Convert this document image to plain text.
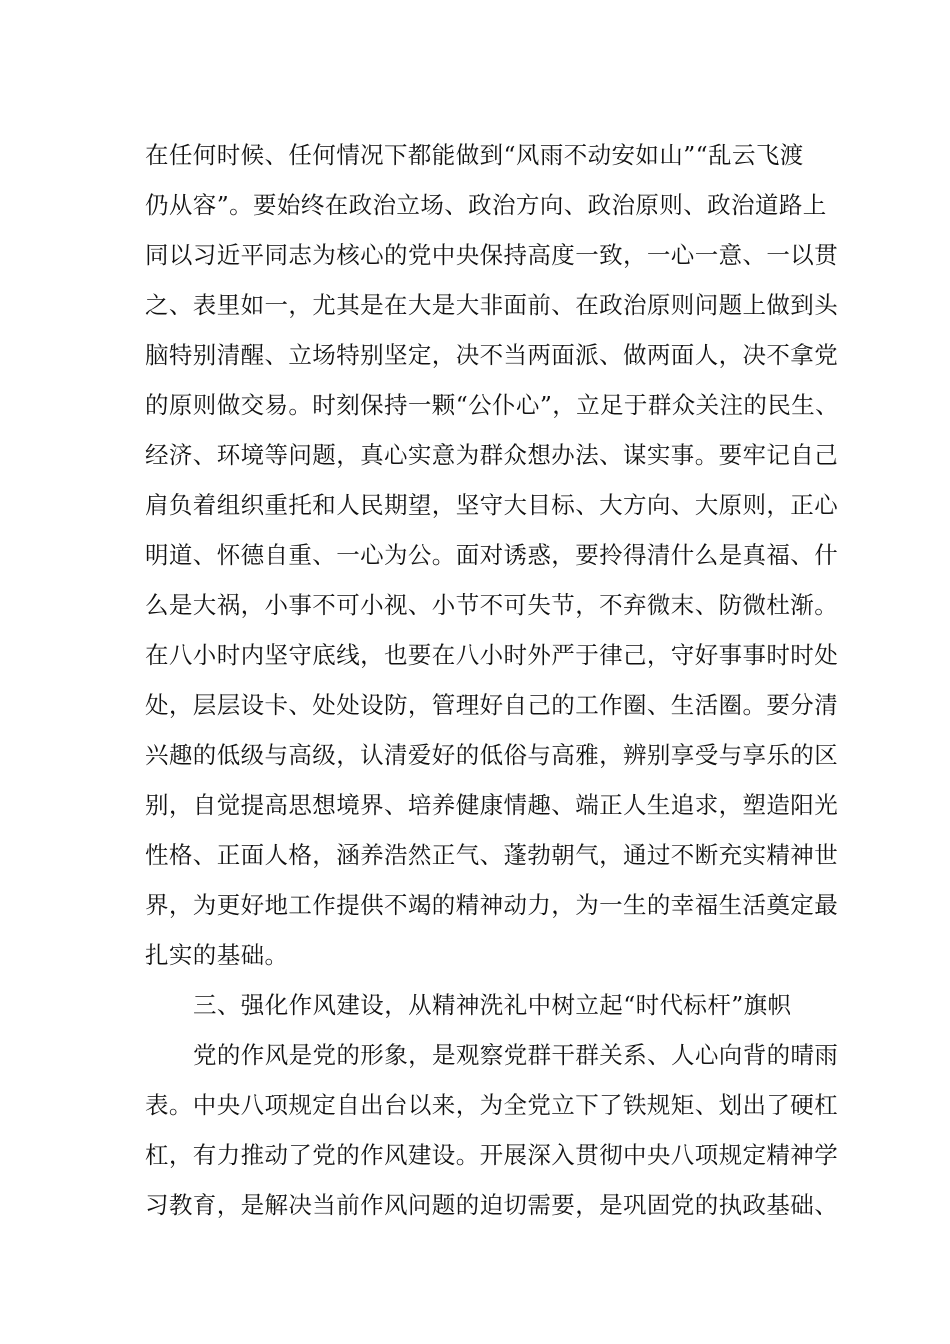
在任何时候、任何情况下都能做到“风雨不动安如山”“乱云飞渡
仍从容”。要始终在政治立场、政治方向、政治原则、政治道路上
同以习近平同志为核心的党中央保持高度一致，一心一意、一以贯
之、表里如一，尤其是在大是大非面前、在政治原则问题上做到头
脑特别清醒、立场特别坚定，决不当两面派、做两面人，决不拿党
的原则做交易。时刻保持一颗“公仆心”，立足于群众关注的民生、
经济、环境等问题，真心实意为群众想办法、谋实事。要牢记自己
肩负着组织重托和人民期望，坚守大目标、大方向、大原则，正心
明道、怀德自重、一心为公。面对诱惑，要拎得清什么是真福、什
么是大祸，小事不可小视、小节不可失节，不弃微末、防微杜渐。
在八小时内坚守底线，也要在八小时外严于律己，守好事事时时处
处，层层设卡、处处设防，管理好自己的工作圈、生活圈。要分清
兴趣的低级与高级，认清爱好的低俗与高雅，辨别享受与享乐的区
别，自觉提高思想境界、培养健康情趣、端正人生追求，塑造阳光
性格、正面人格，涵养浩然正气、蓬勃朝气，通过不断充实精神世
界，为更好地工作提供不竭的精神动力，为一生的幸福生活奠定最
扎实的基础。
三、强化作风建设，从精神洗礼中树立起“时代标杆”旗帜
党的作风是党的形象，是观察党群干群关系、人心向背的晴雨
表。中央八项规定自出台以来，为全党立下了铁规矩、划出了硬杠
杠，有力推动了党的作风建设。开展深入贯彻中央八项规定精神学
习教育，是解决当前作风问题的迫切需要，是巩固党的执政基础、
